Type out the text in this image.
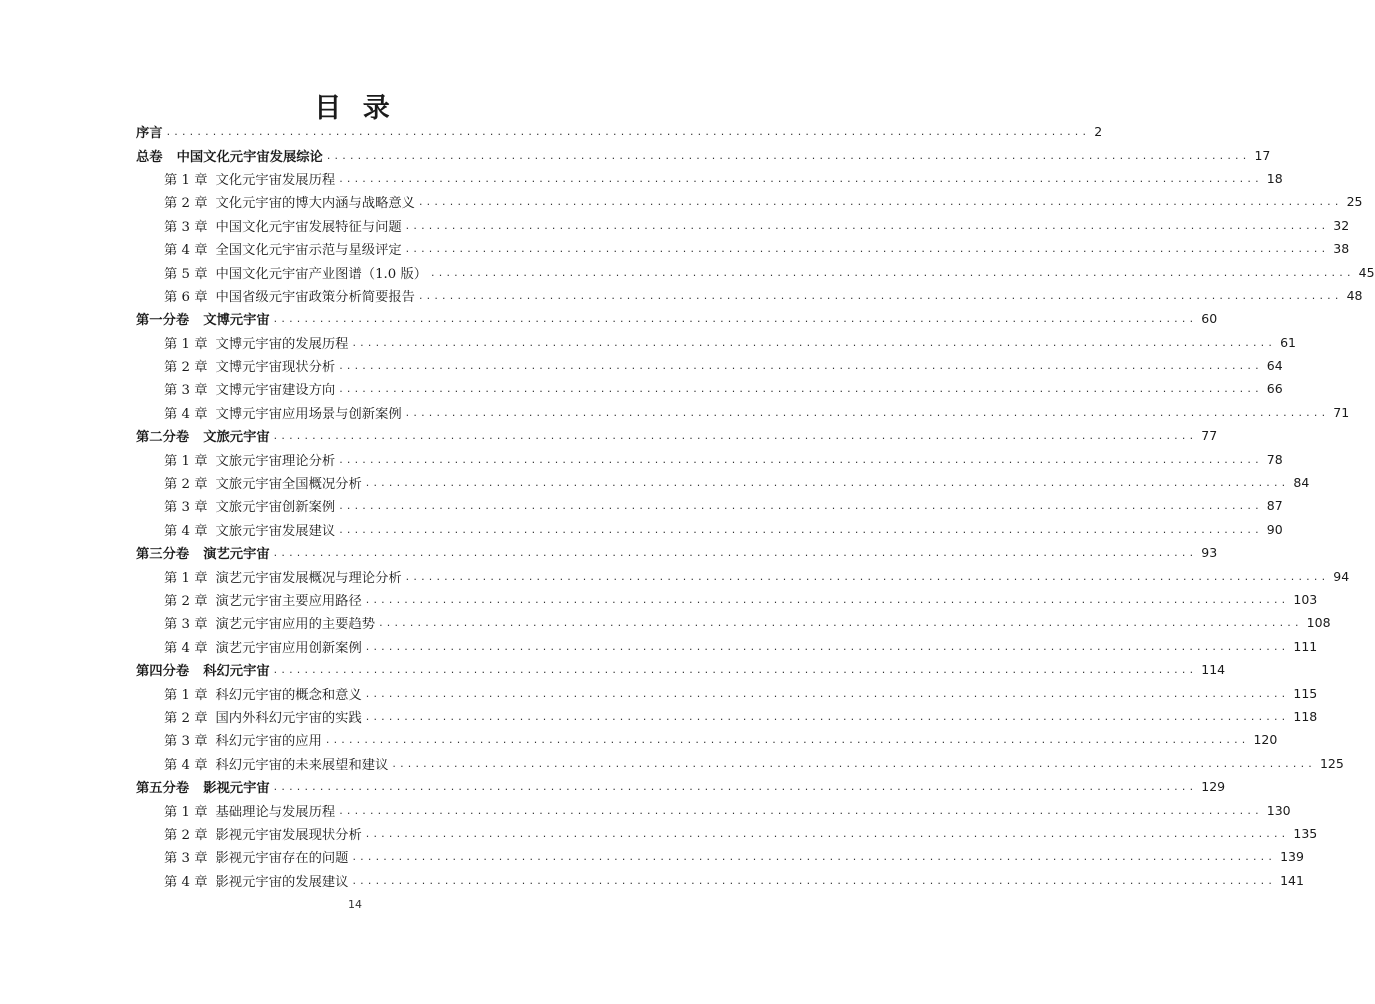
目 录
序言 ........................................................................................................................ 2
总卷 中国文化元宇宙发展综论 ........................................................................................................................ 17
第 1 章 文化元宇宙发展历程 ........................................................................................................................ 18
第 2 章 文化元宇宙的博大内涵与战略意义 ........................................................................................................................ 25
第 3 章 中国文化元宇宙发展特征与问题 ........................................................................................................................ 32
第 4 章 全国文化元宇宙示范与星级评定 ........................................................................................................................ 38
第 5 章 中国文化元宇宙产业图谱（1.0 版） ........................................................................................................................ 45
第 6 章 中国省级元宇宙政策分析简要报告 ........................................................................................................................ 48
第一分卷 文博元宇宙 ........................................................................................................................ 60
第 1 章 文博元宇宙的发展历程 ........................................................................................................................ 61
第 2 章 文博元宇宙现状分析 ........................................................................................................................ 64
第 3 章 文博元宇宙建设方向 ........................................................................................................................ 66
第 4 章 文博元宇宙应用场景与创新案例 ........................................................................................................................ 71
第二分卷 文旅元宇宙 ........................................................................................................................ 77
第 1 章 文旅元宇宙理论分析 ........................................................................................................................ 78
第 2 章 文旅元宇宙全国概况分析 ........................................................................................................................ 84
第 3 章 文旅元宇宙创新案例 ........................................................................................................................ 87
第 4 章 文旅元宇宙发展建议 ........................................................................................................................ 90
第三分卷 演艺元宇宙 ........................................................................................................................ 93
第 1 章 演艺元宇宙发展概况与理论分析 ........................................................................................................................ 94
第 2 章 演艺元宇宙主要应用路径 ........................................................................................................................ 103
第 3 章 演艺元宇宙应用的主要趋势 ........................................................................................................................ 108
第 4 章 演艺元宇宙应用创新案例 ........................................................................................................................ 111
第四分卷 科幻元宇宙 ........................................................................................................................ 114
第 1 章 科幻元宇宙的概念和意义 ........................................................................................................................ 115
第 2 章 国内外科幻元宇宙的实践 ........................................................................................................................ 118
第 3 章 科幻元宇宙的应用 ........................................................................................................................ 120
第 4 章 科幻元宇宙的未来展望和建议 ........................................................................................................................ 125
第五分卷 影视元宇宙 ........................................................................................................................ 129
第 1 章 基础理论与发展历程 ........................................................................................................................ 130
第 2 章 影视元宇宙发展现状分析 ........................................................................................................................ 135
第 3 章 影视元宇宙存在的问题 ........................................................................................................................ 139
第 4 章 影视元宇宙的发展建议 ........................................................................................................................ 141
14
